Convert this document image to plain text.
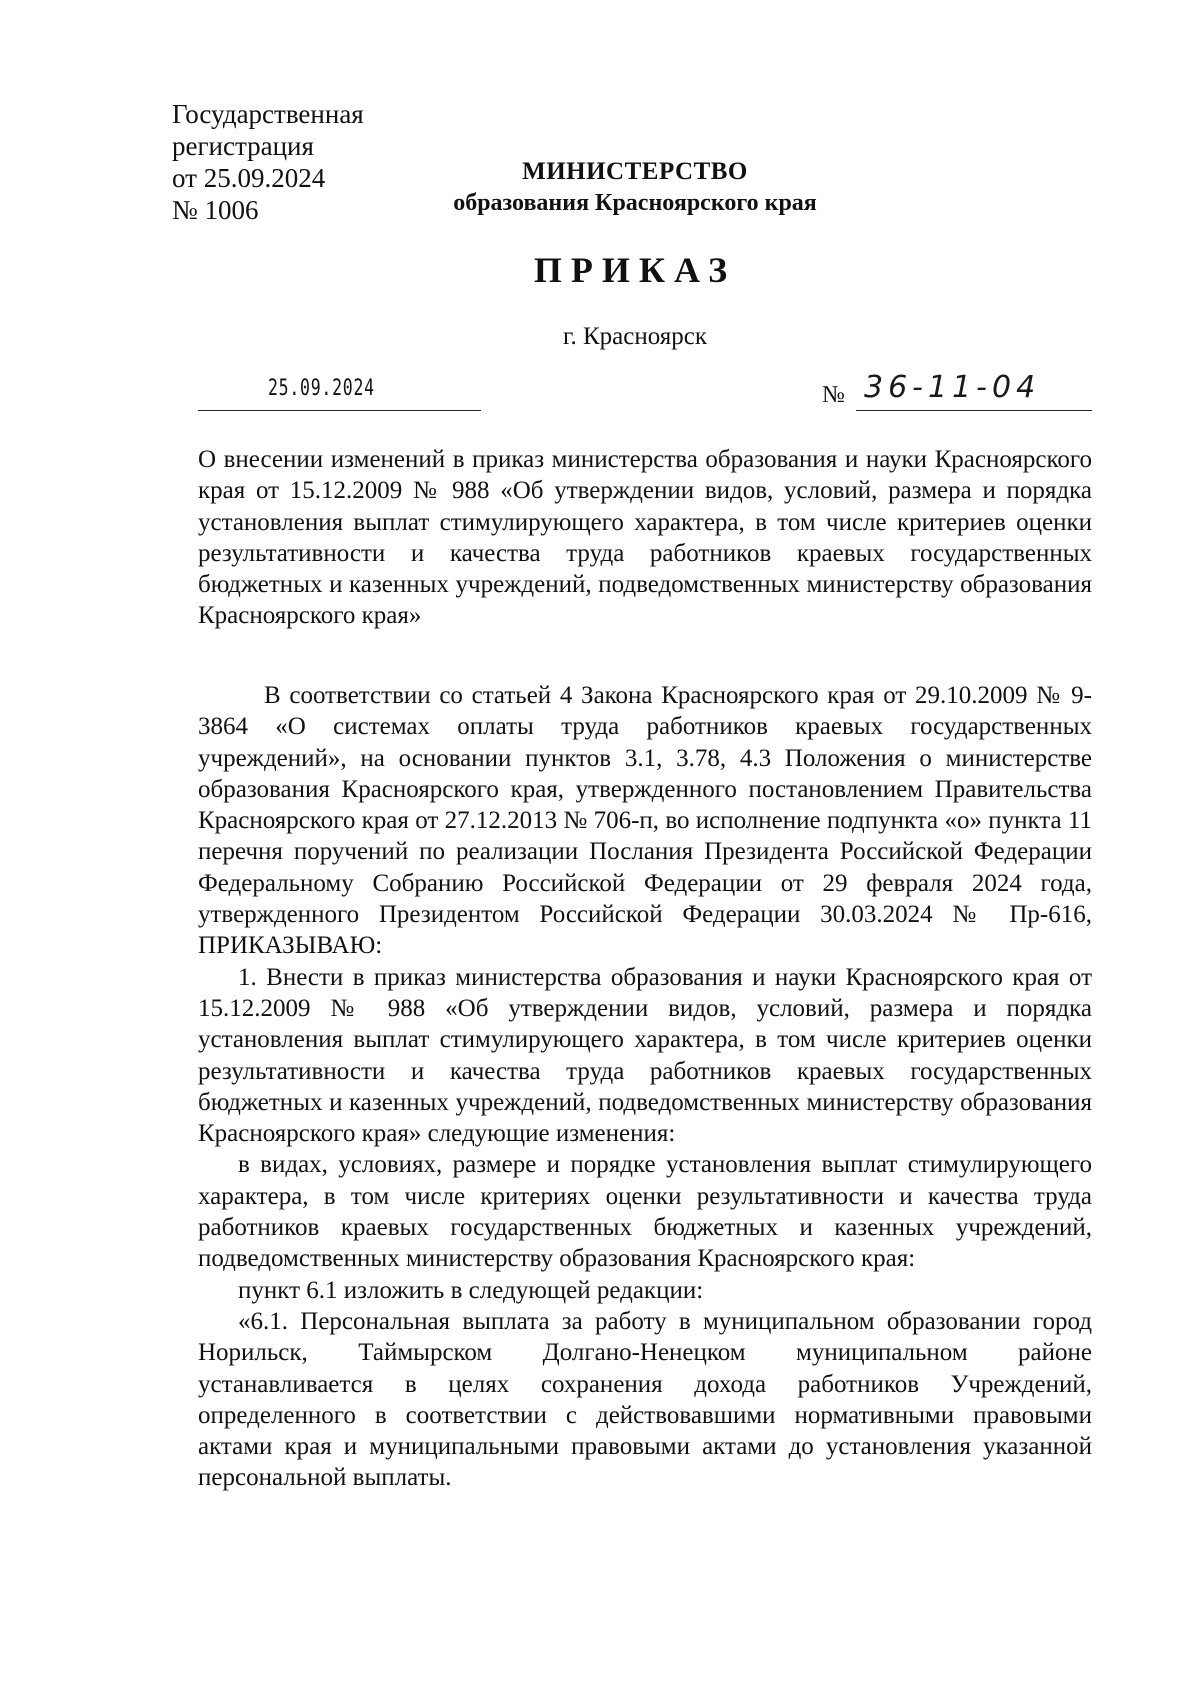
Государственная
регистрация
от 25.09.2024
№ 1006
МИНИСТЕРСТВО
образования Красноярского края
ПРИКАЗ
г. Красноярск
25.09.2024	№ 36-11-04
О внесении изменений в приказ министерства образования и науки Красноярского края от 15.12.2009 № 988 «Об утверждении видов, условий, размера и порядка установления выплат стимулирующего характера, в том числе критериев оценки результативности и качества труда работников краевых государственных бюджетных и казенных учреждений, подведомственных министерству образования Красноярского края»

В соответствии со статьей 4 Закона Красноярского края от 29.10.2009 № 9-3864 «О системах оплаты труда работников краевых государственных учреждений», на основании пунктов 3.1, 3.78, 4.3 Положения о министерстве образования Красноярского края, утвержденного постановлением Правительства Красноярского края от 27.12.2013 № 706-п, во исполнение подпункта «о» пункта 11 перечня поручений по реализации Послания Президента Российской Федерации Федеральному Собранию Российской Федерации от 29 февраля 2024 года, утвержденного Президентом Российской Федерации 30.03.2024 № Пр-616, ПРИКАЗЫВАЮ:

1. Внести в приказ министерства образования и науки Красноярского края от 15.12.2009 № 988 «Об утверждении видов, условий, размера и порядка установления выплат стимулирующего характера, в том числе критериев оценки результативности и качества труда работников краевых государственных бюджетных и казенных учреждений, подведомственных министерству образования Красноярского края» следующие изменения:

в видах, условиях, размере и порядке установления выплат стимулирующего характера, в том числе критериях оценки результативности и качества труда работников краевых государственных бюджетных и казенных учреждений, подведомственных министерству образования Красноярского края:

пункт 6.1 изложить в следующей редакции:

«6.1. Персональная выплата за работу в муниципальном образовании город Норильск, Таймырском Долгано-Ненецком муниципальном районе устанавливается в целях сохранения дохода работников Учреждений, определенного в соответствии с действовавшими нормативными правовыми актами края и муниципальными правовыми актами до установления указанной персональной выплаты.
